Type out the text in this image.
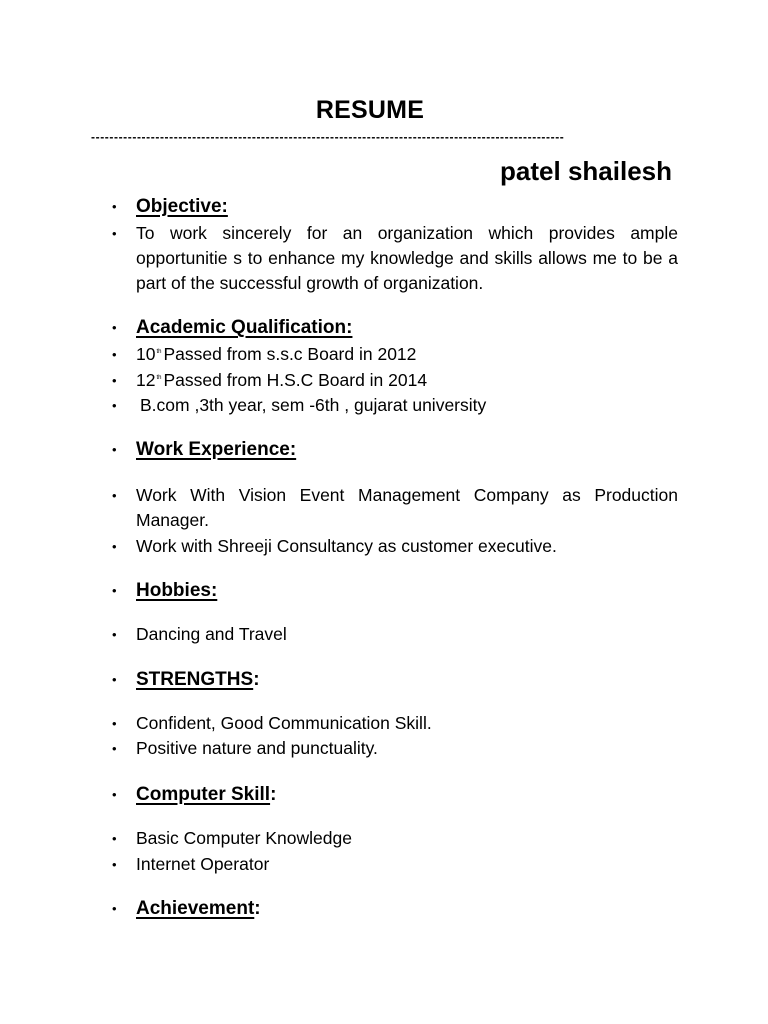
RESUME
-------------------------------------------------------------------------------------------------------
patel shailesh
•	Objective:
•	To work sincerely for an organization which provides ample opportunitie s to enhance my knowledge and skills allows me to be a part of the successful growth of organization.
•	Academic Qualification:
•	10th Passed from s.s.c Board in 2012
•	12th Passed from H.S.C Board in 2014
•	B.com ,3th year, sem -6th , gujarat university
•	Work Experience:
•	Work With Vision Event Management Company as Production Manager.
•	Work with Shreeji Consultancy as customer executive.
•	Hobbies:
•	Dancing and Travel
•	STRENGTHS:
•	Confident, Good Communication Skill.
•	Positive nature and punctuality.
•	Computer Skill:
•	Basic Computer Knowledge
•	Internet Operator
•	Achievement:
